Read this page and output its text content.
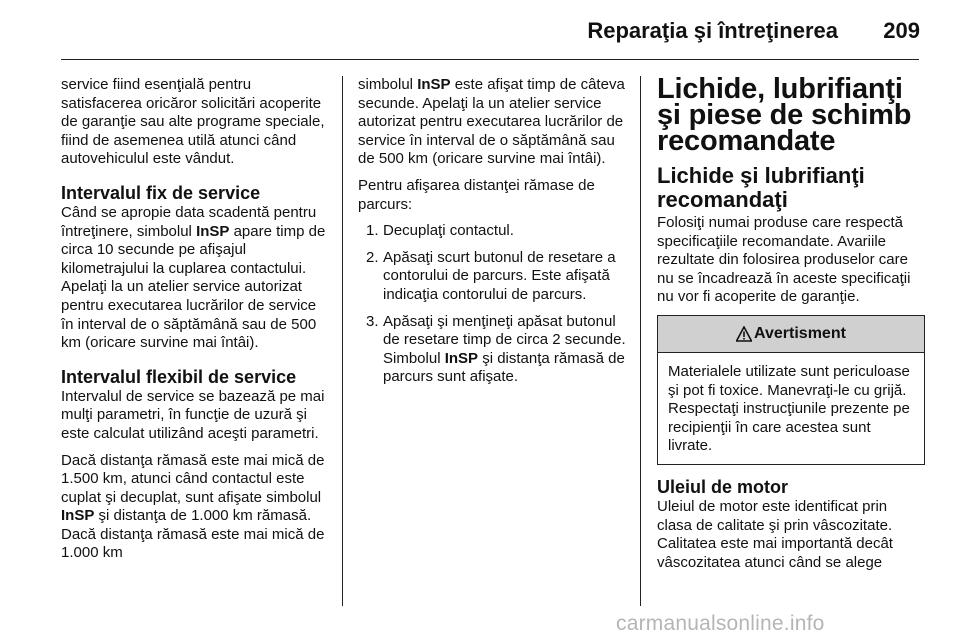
Reparaţia şi întreţinerea 209

service fiind esenţială pentru satisfacerea oricăror solicitări acoperite de garanţie sau alte programe speciale, fiind de asemenea utilă atunci când autovehiculul este vândut.

Intervalul fix de service

Când se apropie data scadentă pentru întreţinere, simbolul InSP apare timp de circa 10 secunde pe afişajul kilometrajului la cuplarea contactului. Apelaţi la un atelier service autorizat pentru executarea lucrărilor de service în interval de o săptămână sau de 500 km (oricare survine mai întâi).

Intervalul flexibil de service

Intervalul de service se bazează pe mai mulţi parametri, în funcţie de uzură şi este calculat utilizând aceşti parametri.

Dacă distanţa rămasă este mai mică de 1.500 km, atunci când contactul este cuplat şi decuplat, sunt afişate simbolul InSP şi distanţa de 1.000 km rămasă. Dacă distanţa rămasă este mai mică de 1.000 km

simbolul InSP este afişat timp de câteva secunde. Apelaţi la un atelier service autorizat pentru executarea lucrărilor de service în interval de o săptămână sau de 500 km (oricare survine mai întâi).

Pentru afişarea distanţei rămase de parcurs:

1. Decuplaţi contactul.
2. Apăsaţi scurt butonul de resetare a contorului de parcurs. Este afişată indicaţia contorului de parcurs.
3. Apăsaţi şi menţineţi apăsat butonul de resetare timp de circa 2 secunde. Simbolul InSP şi distanţa rămasă de parcurs sunt afişate.
Lichide, lubrifianţi şi piese de schimb recomandate
Lichide şi lubrifianţi recomandaţi

Folosiţi numai produse care respectă specificaţiile recomandate. Avariile rezultate din folosirea produselor care nu se încadrează în aceste specificaţii nu vor fi acoperite de garanţie.

Avertisment
Materialele utilizate sunt periculoase şi pot fi toxice. Manevraţi-le cu grijă. Respectaţi instrucţiunile prezente pe recipienţii în care acestea sunt livrate.
Uleiul de motor

Uleiul de motor este identificat prin clasa de calitate şi prin vâscozitate. Calitatea este mai importantă decât vâscozitatea atunci când se alege

carmanualsonline.info
